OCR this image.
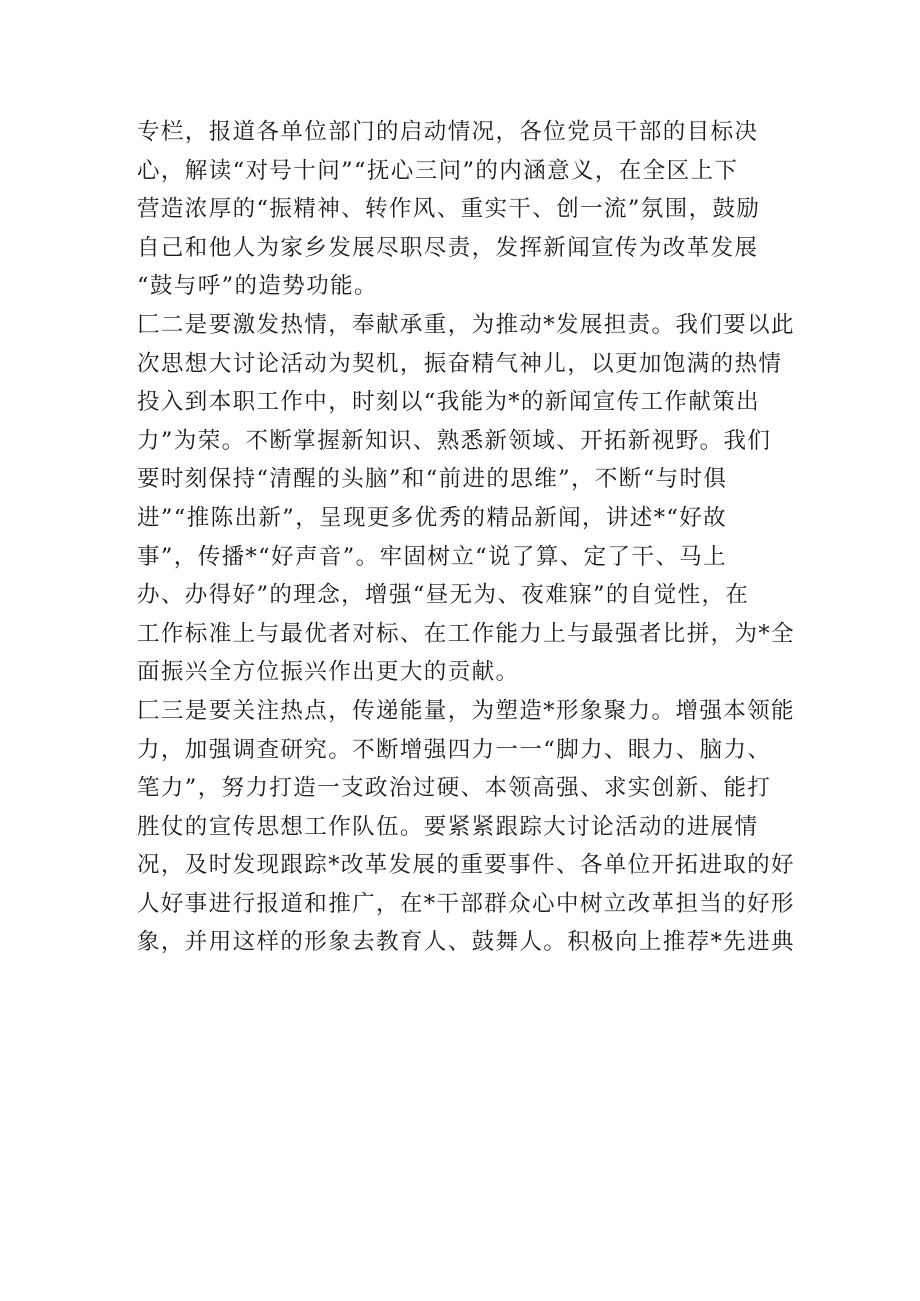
专栏，报道各单位部门的启动情况，各位党员干部的目标决
心，解读“对号十问”“抚心三问”的内涵意义，在全区上下
营造浓厚的“振精神、转作风、重实干、创一流”氛围，鼓励
自己和他人为家乡发展尽职尽责，发挥新闻宣传为改革发展
“鼓与呼”的造势功能。
匚二是要激发热情，奉献承重，为推动*发展担责。我们要以此
次思想大讨论活动为契机，振奋精气神儿，以更加饱满的热情
投入到本职工作中，时刻以“我能为*的新闻宣传工作献策出
力”为荣。不断掌握新知识、熟悉新领域、开拓新视野。我们
要时刻保持“清醒的头脑”和“前进的思维”，不断“与时俱
进”“推陈出新”，呈现更多优秀的精品新闻，讲述*“好故
事”，传播*“好声音”。牢固树立“说了算、定了干、马上
办、办得好”的理念，增强“昼无为、夜难寐”的自觉性，在
工作标准上与最优者对标、在工作能力上与最强者比拼，为*全
面振兴全方位振兴作出更大的贡献。
匚三是要关注热点，传递能量，为塑造*形象聚力。增强本领能
力，加强调查研究。不断增强四力一一“脚力、眼力、脑力、
笔力”，努力打造一支政治过硬、本领高强、求实创新、能打
胜仗的宣传思想工作队伍。要紧紧跟踪大讨论活动的进展情
况，及时发现跟踪*改革发展的重要事件、各单位开拓进取的好
人好事进行报道和推广，在*干部群众心中树立改革担当的好形
象，并用这样的形象去教育人、鼓舞人。积极向上推荐*先进典
